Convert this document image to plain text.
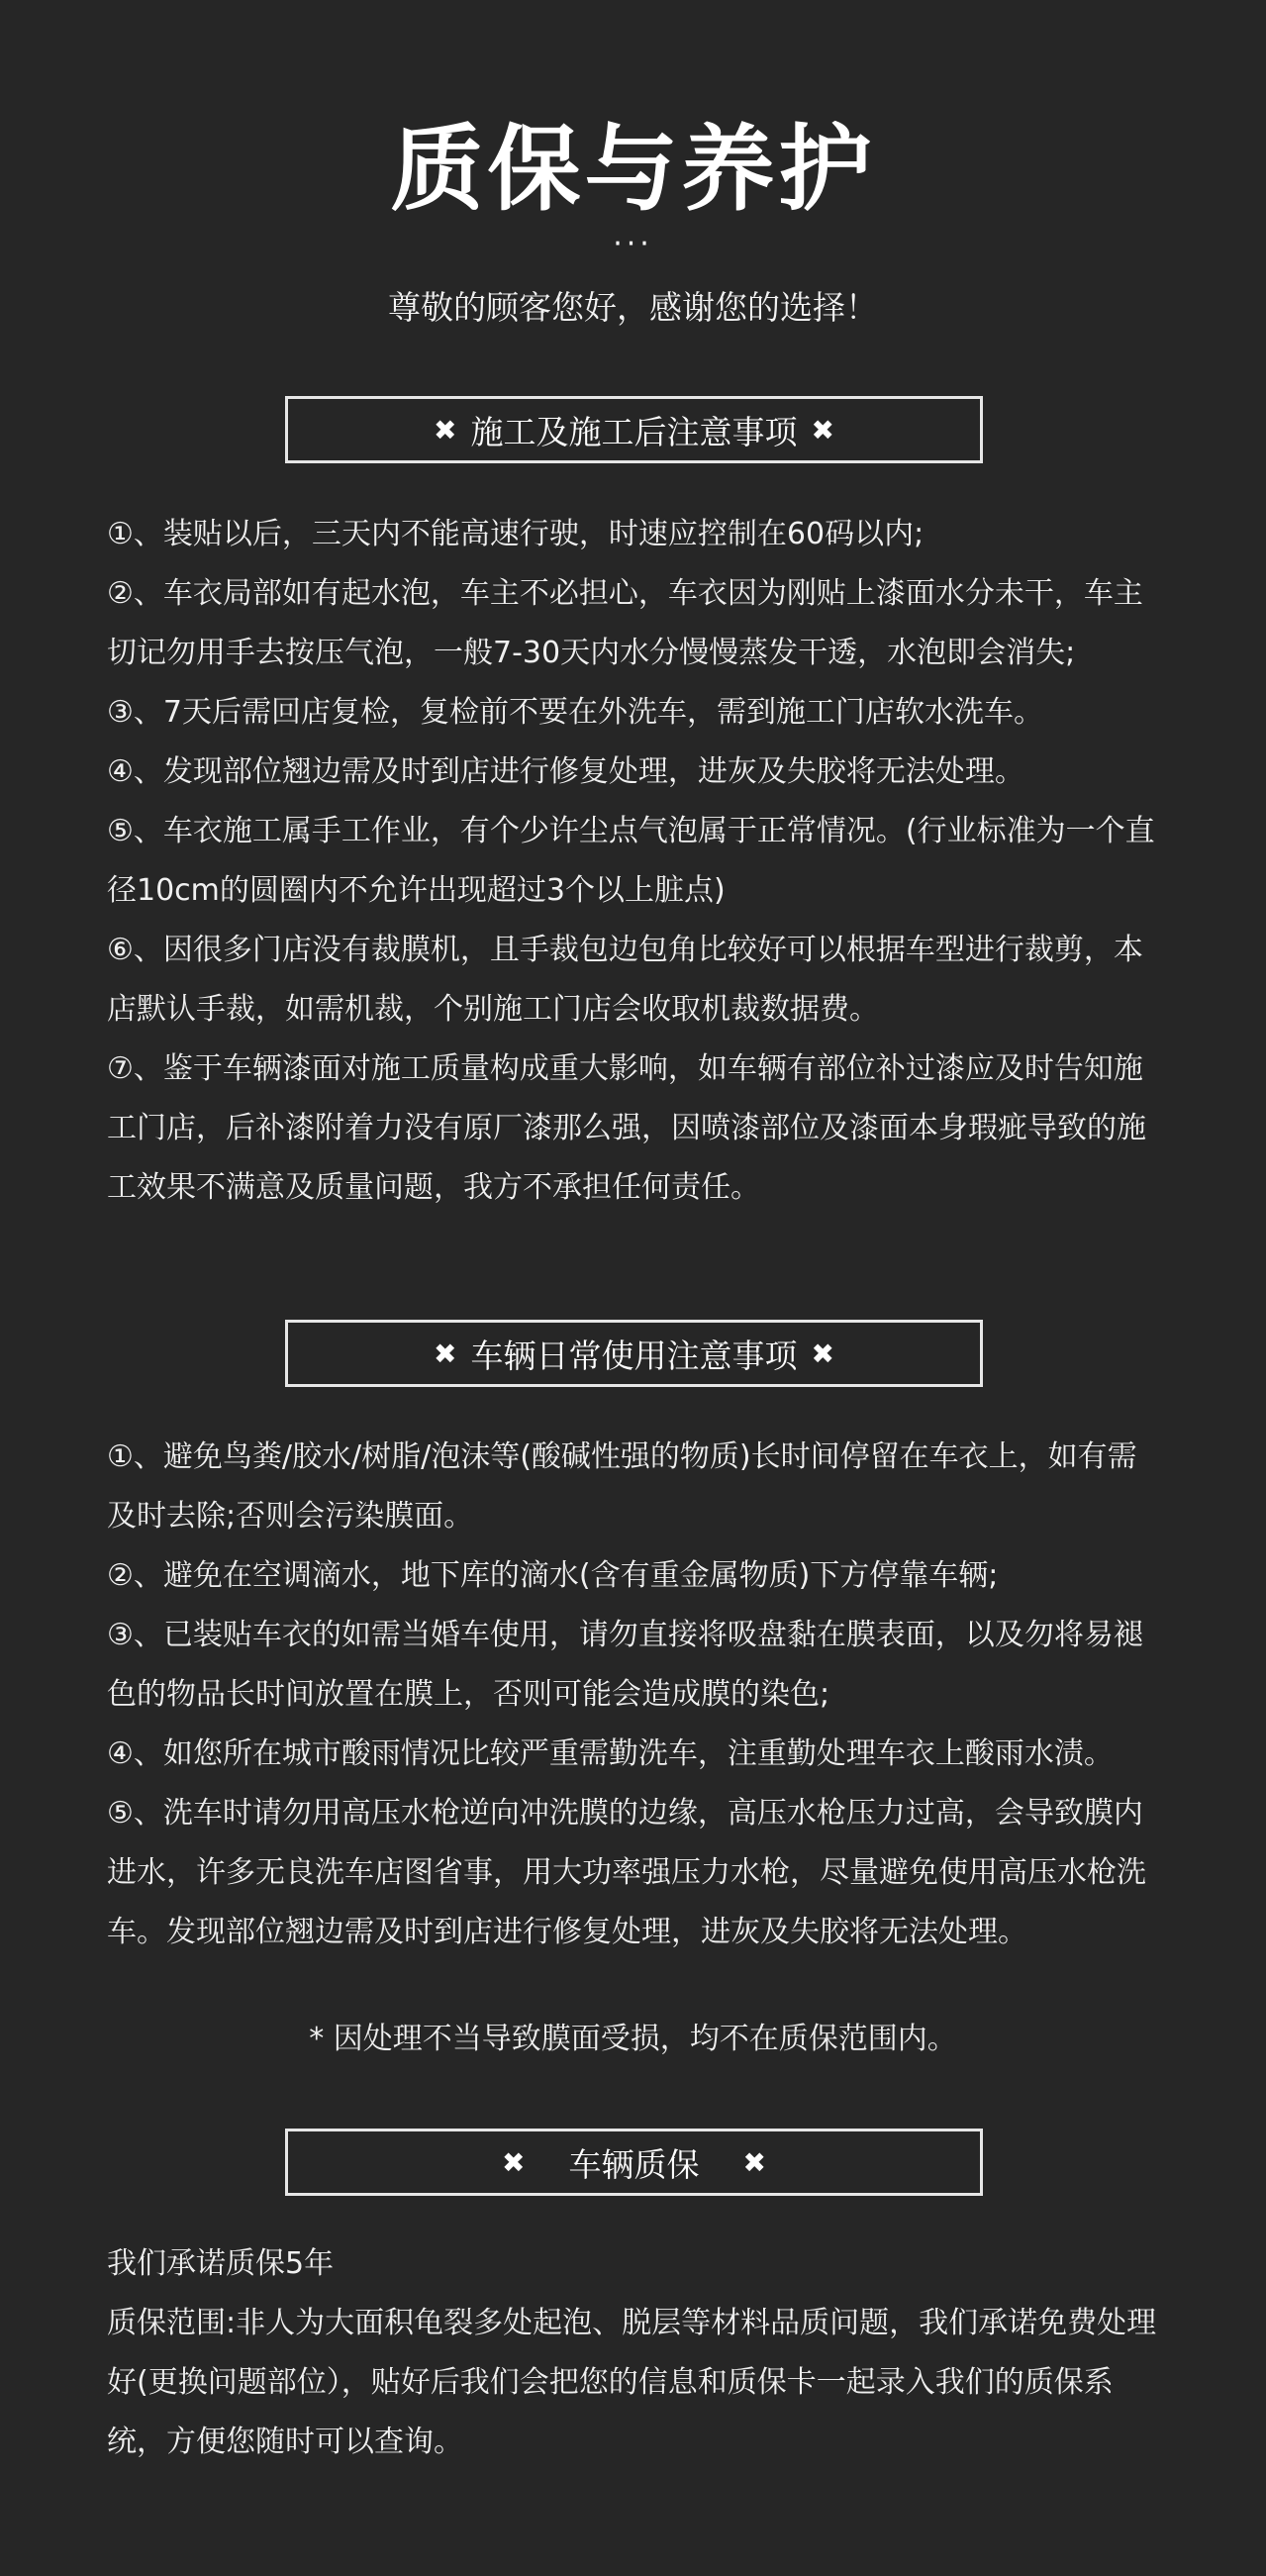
质保与养护
···
尊敬的顾客您好，感谢您的选择！
✖ 施工及施工后注意事项 ✖

①、装贴以后，三天内不能高速行驶，时速应控制在60码以内;

②、车衣局部如有起水泡，车主不必担心，车衣因为刚贴上漆面水分未干，车主切记勿用手去按压气泡，一般7-30天内水分慢慢蒸发干透，水泡即会消失;

③、7天后需回店复检，复检前不要在外洗车，需到施工门店软水洗车。

④、发现部位翘边需及时到店进行修复处理，进灰及失胶将无法处理。

⑤、车衣施工属手工作业，有个少许尘点气泡属于正常情况。(行业标准为一个直径10cm的圆圈内不允许出现超过3个以上脏点)

⑥、因很多门店没有裁膜机，且手裁包边包角比较好可以根据车型进行裁剪，本店默认手裁，如需机裁，个别施工门店会收取机裁数据费。

⑦、鉴于车辆漆面对施工质量构成重大影响，如车辆有部位补过漆应及时告知施工门店，后补漆附着力没有原厂漆那么强，因喷漆部位及漆面本身瑕疵导致的施工效果不满意及质量问题，我方不承担任何责任。

✖ 车辆日常使用注意事项 ✖

①、避免鸟粪/胶水/树脂/泡沫等(酸碱性强的物质)长时间停留在车衣上，如有需及时去除;否则会污染膜面。

②、避免在空调滴水，地下库的滴水(含有重金属物质)下方停靠车辆;

③、已装贴车衣的如需当婚车使用，请勿直接将吸盘黏在膜表面，以及勿将易褪色的物品长时间放置在膜上，否则可能会造成膜的染色;

④、如您所在城市酸雨情况比较严重需勤洗车，注重勤处理车衣上酸雨水渍。

⑤、洗车时请勿用高压水枪逆向冲洗膜的边缘，高压水枪压力过高，会导致膜内进水，许多无良洗车店图省事，用大功率强压力水枪，尽量避免使用高压水枪洗车。发现部位翘边需及时到店进行修复处理，进灰及失胶将无法处理。

* 因处理不当导致膜面受损，均不在质保范围内。
✖ 车辆质保 ✖

我们承诺质保5年

质保范围:非人为大面积龟裂多处起泡、脱层等材料品质问题，我们承诺免费处理好(更换问题部位），贴好后我们会把您的信息和质保卡一起录入我们的质保系统，方便您随时可以查询。
